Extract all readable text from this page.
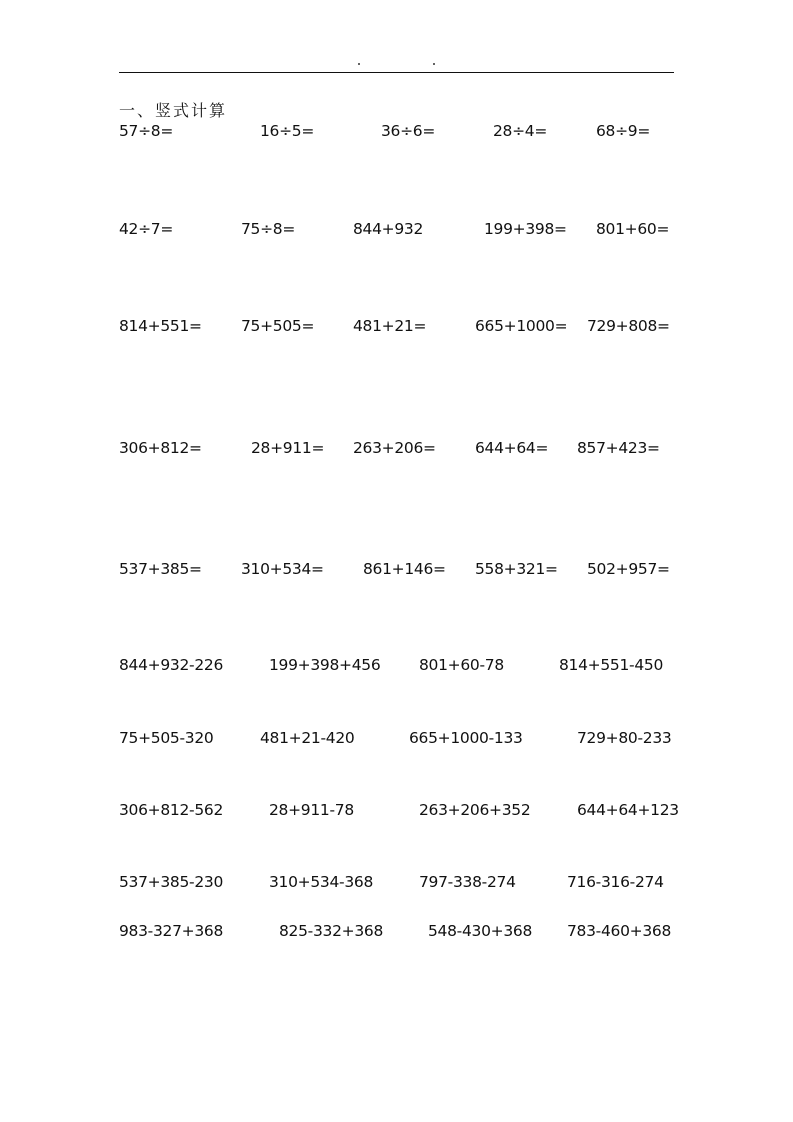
一、竖式计算
57÷8=	16÷5=	36÷6=	28÷4=	68÷9=
42÷7=	75÷8=	844+932	199+398= 801+60=
814+551=	75+505=	481+21=	665+1000= 729+808=
306+812=	28+911= 263+206=	644+64= 857+423=
537+385=	310+534=	861+146= 558+321= 502+957=
844+932-226	199+398+456 801+60-78	814+551-450
75+505-320	481+21-420	665+1000-133	729+80-233
306+812-562	28+911-78	263+206+352	644+64+123
537+385-230	310+534-368	797-338-274	716-316-274
983-327+368	825-332+368	548-430+368 783-460+368
